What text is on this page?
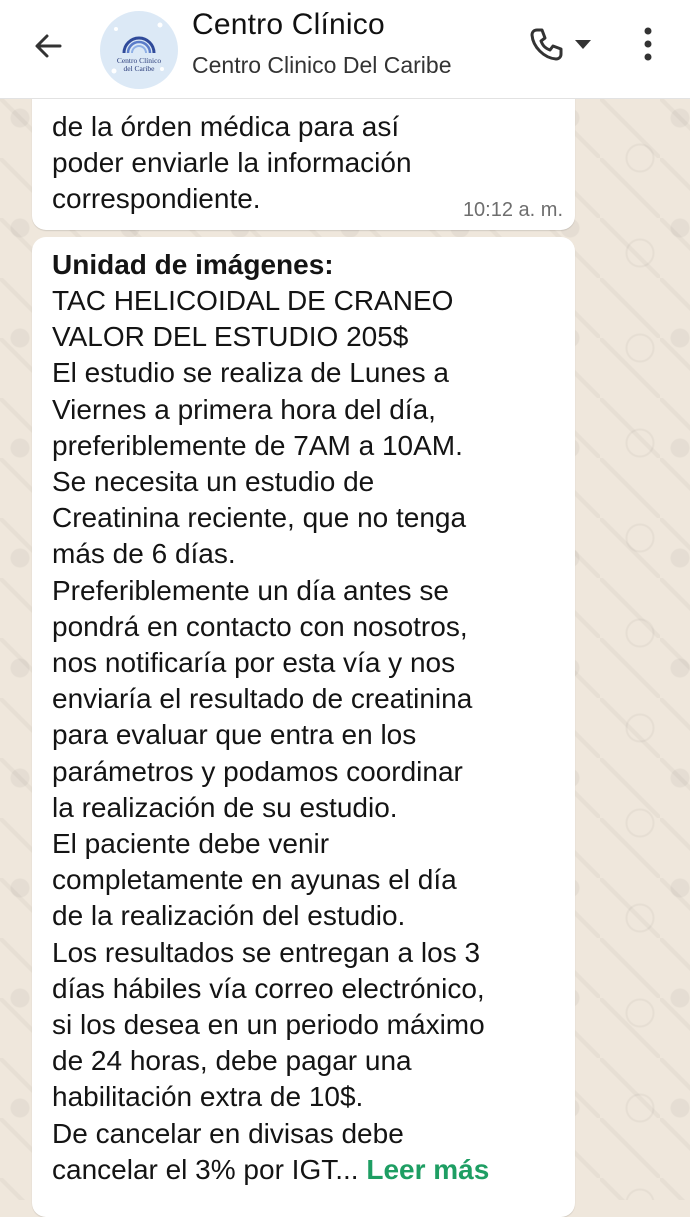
Centro Clínico
del Caribe
Centro Clínico
Centro Clinico Del Caribe
de la órden médica para así
poder enviarle la información
correspondiente.	10:12 a. m.
Unidad de imágenes:
TAC HELICOIDAL DE CRANEO
VALOR DEL ESTUDIO 205$
El estudio se realiza de Lunes a
Viernes a primera hora del día,
preferiblemente de 7AM a 10AM.
Se necesita un estudio de
Creatinina reciente, que no tenga
más de 6 días.
Preferiblemente un día antes se
pondrá en contacto con nosotros,
nos notificaría por esta vía y nos
enviaría el resultado de creatinina
para evaluar que entra en los
parámetros y podamos coordinar
la realización de su estudio.
El paciente debe venir
completamente en ayunas el día
de la realización del estudio.
Los resultados se entregan a los 3
días hábiles vía correo electrónico,
si los desea en un periodo máximo
de 24 horas, debe pagar una
habilitación extra de 10$.
De cancelar en divisas debe
cancelar el 3% por IGT... Leer más
